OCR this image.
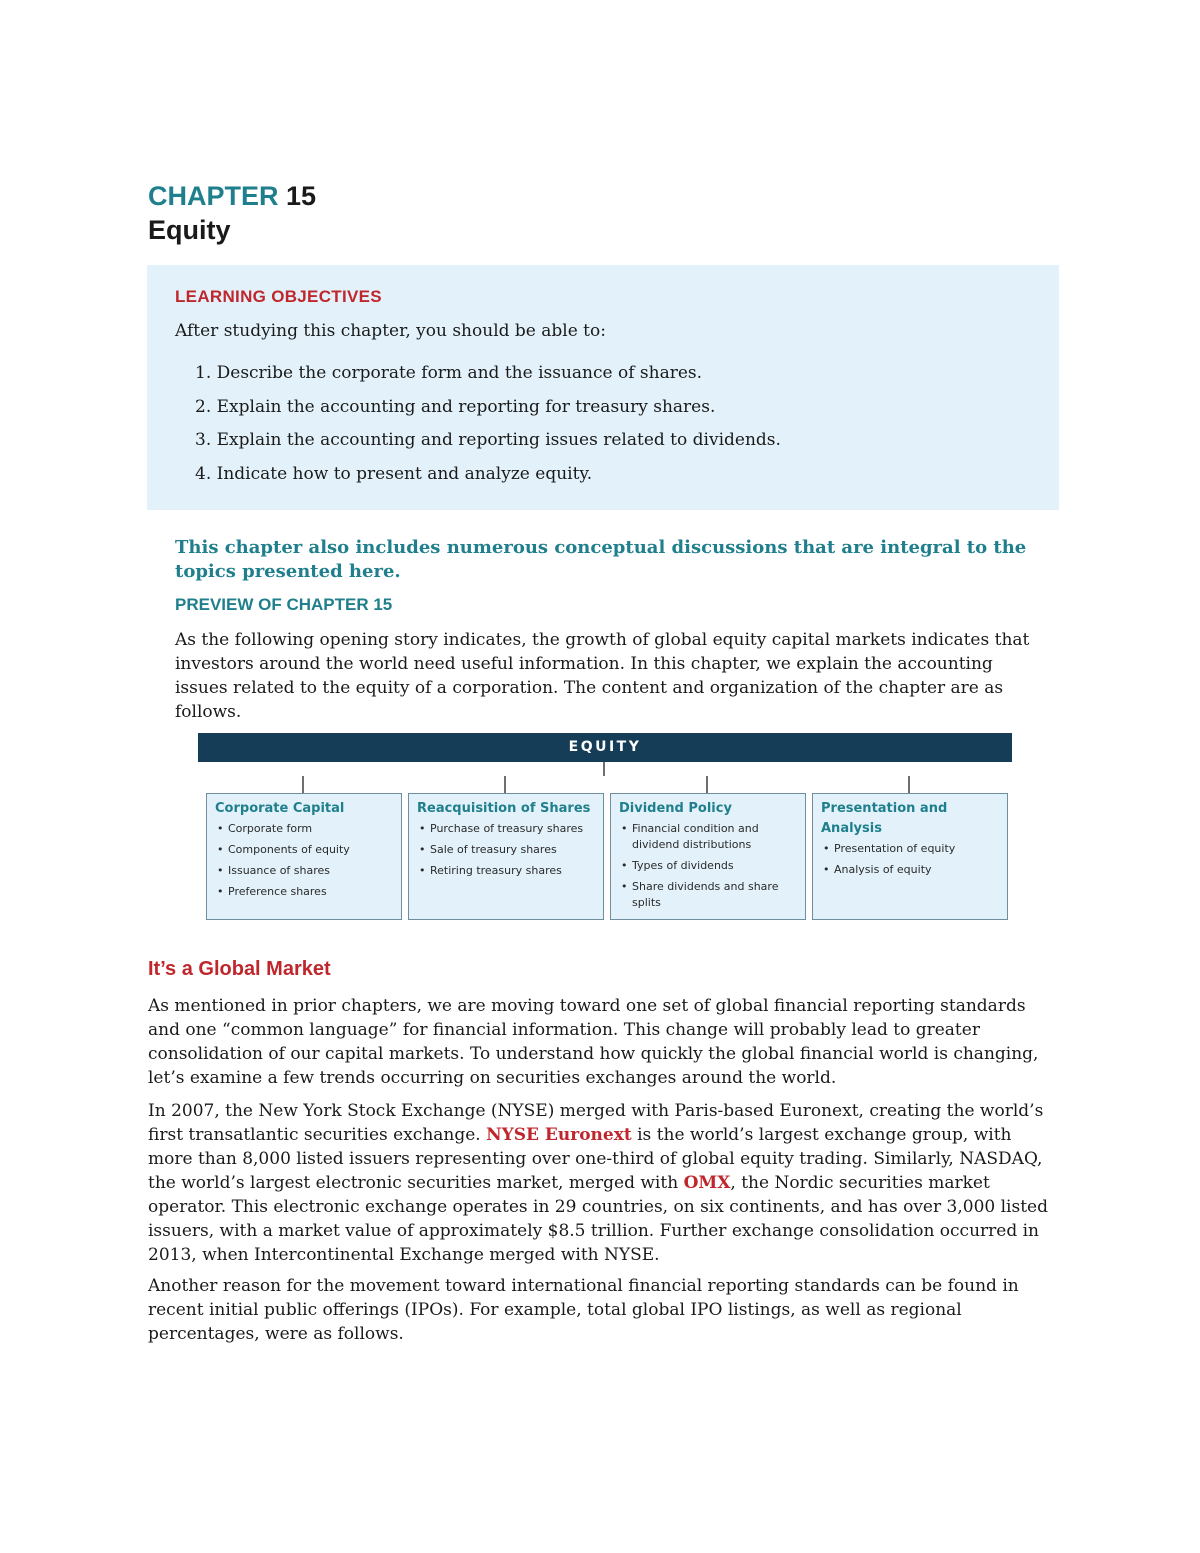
CHAPTER 15
Equity
LEARNING OBJECTIVES
After studying this chapter, you should be able to:
1. Describe the corporate form and the issuance of shares.
2. Explain the accounting and reporting for treasury shares.
3. Explain the accounting and reporting issues related to dividends.
4. Indicate how to present and analyze equity.
This chapter also includes numerous conceptual discussions that are integral to the topics presented here.
PREVIEW OF CHAPTER 15
As the following opening story indicates, the growth of global equity capital markets indicates that investors around the world need useful information. In this chapter, we explain the accounting issues related to the equity of a corporation. The content and organization of the chapter are as follows.
EQUITY
Corporate Capital
• Corporate form
• Components of equity
• Issuance of shares
• Preference shares
Reacquisition of Shares
• Purchase of treasury shares
• Sale of treasury shares
• Retiring treasury shares
Dividend Policy
• Financial condition and dividend distributions
• Types of dividends
• Share dividends and share splits
Presentation and Analysis
• Presentation of equity
• Analysis of equity
It’s a Global Market

As mentioned in prior chapters, we are moving toward one set of global financial reporting standards and one “common language” for financial information. This change will probably lead to greater consolidation of our capital markets. To understand how quickly the global financial world is changing, let’s examine a few trends occurring on securities exchanges around the world.

In 2007, the New York Stock Exchange (NYSE) merged with Paris-based Euronext, creating the world’s first transatlantic securities exchange. NYSE Euronext is the world’s largest exchange group, with more than 8,000 listed issuers representing over one-third of global equity trading. Similarly, NASDAQ, the world’s largest electronic securities market, merged with OMX, the Nordic securities market operator. This electronic exchange operates in 29 countries, on six continents, and has over 3,000 listed issuers, with a market value of approximately $8.5 trillion. Further exchange consolidation occurred in 2013, when Intercontinental Exchange merged with NYSE.

Another reason for the movement toward international financial reporting standards can be found in recent initial public offerings (IPOs). For example, total global IPO listings, as well as regional percentages, were as follows.
